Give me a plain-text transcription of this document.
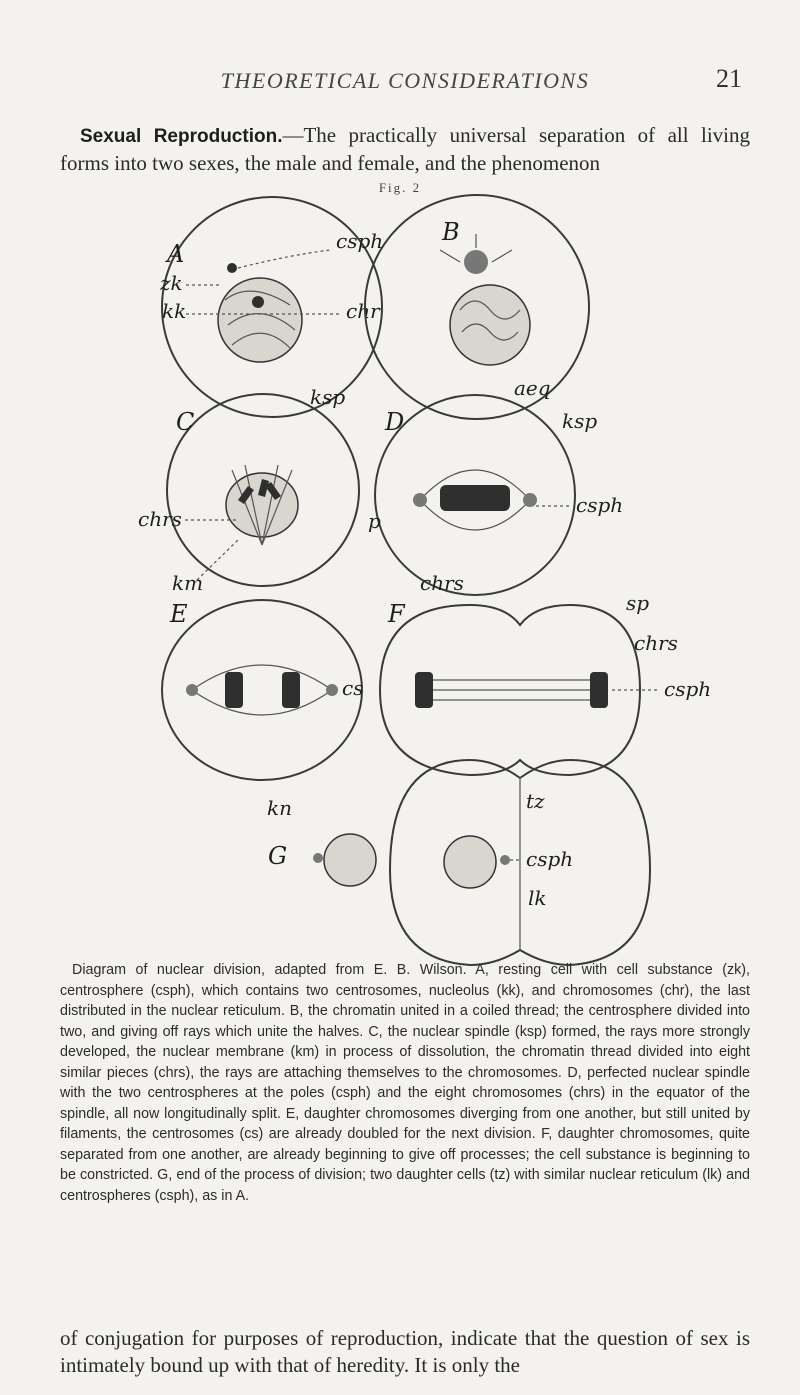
THEORETICAL CONSIDERATIONS	21
Sexual Reproduction.—The practically universal separation of all living forms into two sexes, the male and female, and the phenomenon
Fig. 2
A
zk
kk
csph
chr
B
C
ksp
chrs
km
D
aeq
ksp
csph
p
chrs
E
cs
F	sp
chrs
csph
G
kn	tz
csph
lk
Diagram of nuclear division, adapted from E. B. Wilson. A, resting cell with cell substance (zk), centrosphere (csph), which contains two centrosomes, nucleolus (kk), and chromosomes (chr), the last distributed in the nuclear reticulum. B, the chromatin united in a coiled thread; the centrosphere divided into two, and giving off rays which unite the halves. C, the nuclear spindle (ksp) formed, the rays more strongly developed, the nuclear membrane (km) in process of dissolution, the chromatin thread divided into eight similar pieces (chrs), the rays are attaching themselves to the chromosomes. D, perfected nuclear spindle with the two centrospheres at the poles (csph) and the eight chromosomes (chrs) in the equator of the spindle, all now longitudinally split. E, daughter chromosomes diverging from one another, but still united by filaments, the centrosomes (cs) are already doubled for the next division. F, daughter chromosomes, quite separated from one another, are already beginning to give off processes; the cell substance is beginning to be constricted. G, end of the process of division; two daughter cells (tz) with similar nuclear reticulum (lk) and centrospheres (csph), as in A.
of conjugation for purposes of reproduction, indicate that the question of sex is intimately bound up with that of heredity. It is only the
